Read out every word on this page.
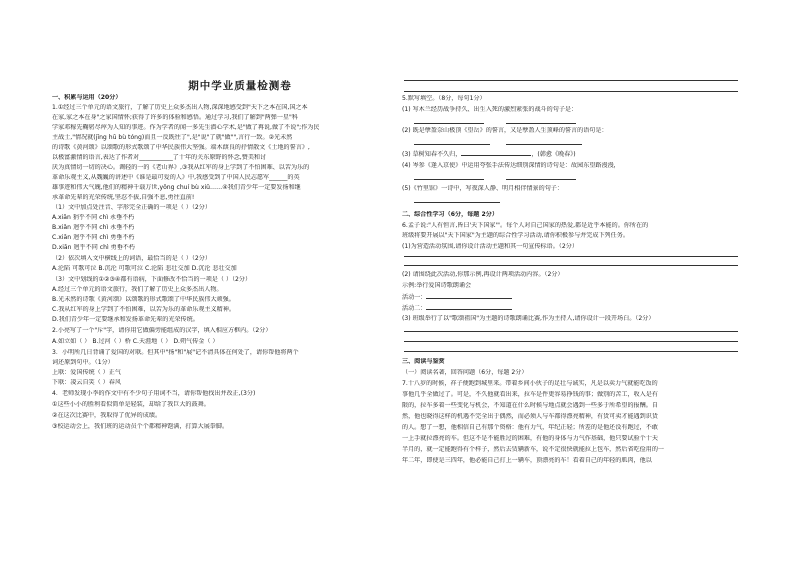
期中学业质量检测卷
一、积累与运用（20分）
1.①经过三个单元的语文旅行，了解了历史上众多杰出人物,深深地感受到"天下之本在国,国之本
在家,家之本在身"之家国情怀;获得了许多的体验和感悟。通过学习,我们了解到"两弹一星"科
学家邓稼先鞠躬尽瘁为人知的事迹。作为学者的闻一多先生潜心学术,是"做了再说,做了不说";作为民
主战士,"情况就(jīng hū bù tóng)而且一反既往了",是"说"了就"做"",言行一致。②光未然
的诗歌《黄河颂》以颂歌的形式歌颂了中华民族伟大坚强。端木蕻良的抒情散文《土地的誓言》,
以极富激情的语言,表达了作者对___________了十年的关东原野的怀念,赞美和讨
厌为真情切一切的决心。调轻的一的《老山界》,③我从红军的身上学到了不怕困难、以苦为乐的
革命乐观主义,从魏巍的讲述中《谁是最可爱的人》中,我感受到了中国人民志愿军______的英
雄事迹和伟大气魄,他们的精神千载万世,yǒng chuí bù xiǔ……④我们青少年一定要发扬和继
承革命先辈的光荣传统,坚忍不拔,自强不息,勇往直前!
（1）文中加点处注音、字形完全正确的一项是（ ）（2分）
A.xiān 狷乎不同 chì 永垂不朽
B.xiǎn 迥乎不同 chì 永垂不朽
C.xiān 迥乎不同 chì 勇垂不朽
D.xiān 迥乎不同 chì 勇垂不朽
（2）依次填入文中横线上的词语，最恰当的是（ ）（2分）
A.沦陷 可歌可泣 B.沉沦 可歌可泣 C.沦陷 悲壮交加 D.沉沦 悲壮交加
（3）文中划线的①②③④都有语病，下面修改不恰当的一项是（ ）（2分）
A.经过三个单元的语文旅行，我们了解了历史上众多杰出人物。
B.光未然的诗歌《黄河颂》以颂歌的形式歌颂了中华民族伟大顽强。
C.我从红军的身上学到了不怕困难，以苦为乐的革命乐观主义精神。
D.我们青少年一定要继承和发扬革命先辈的光荣传统。
2.小亮写了一个"斥"字，请你用它做偏旁能组成的汉字，填入相应方框内。（2分）
A.如立如（ ） B.过河（ ）桥 C.天涯地（ ） D.朔气传金（ ）
3．小明所几日背诵了爱国的对联。但其中"扬"和"展"记不清具体在何处了，请你帮他将两个
词还原到句中。（1分）
上联：爱国传统（ ）正气
下联：凌云自笑（ ）春风
4．老师发现小李的作文中有不少句子用词不当，请你帮他找出并改正,(3分)
①这些小小的胜利看似简单是轻装，却给了我巨大的鼓舞。
②在这次比赛中，我取得了优异的成绩。
③校运动会上，我们班的运动员个个都精神饱满，打算大展拳脚。
5.默写填空。（8分，每句1分）
(1) 写木兰经历战争持久、出生入死的激烈紧张的战斗的句子是：
(2) 既是孽盈奈山极顶《望岳》的誓言，又是孽盈人生顶峰的誓言的语句是：
(3) 草树知春不久归，	，(韩愈《晚春》)
(4) 岑参《逢入京使》中运用夸张手法传达细别深情的诗句是：故园东望路漫漫，
(5)《竹里馆》一诗中，写夜深人静、明月相伴情景的句子：
二、综合性学习（6分，每题 2分）
6.孟子说:"人有恒言,皆曰'天下国家'"。每个人对自己国家的热爱,都是近乎本能的。你所在的
班级将要开展以"天下国家"为主题的综合性学习活动,请你积极参与并完成下列任务。
(1)为营造活动氛围,请你设计活动主题和其一句宣传标语。（2分）
(2) 请围绕此次活动,你那示例,再设计两项活动内容。（2分）
示例:举行爱国诗歌朗诵会
活动一：
活动二：
(3) 班级举行了以"歌颂祖国"为主题的诗歌朗诵比赛,作为主持人,请你设计一段开场白。（2分）
三、阅读与鉴赏
（一）阅读名著，回答问题（6分，每题 2分）
7.十八岁的时候，祥子便跑到城里来。带着乡间小伙子的足壮与诚实，凡是以卖力气就能吃饭的
事他几乎全做过了。可是，不久他就看出来，拉车是件更容易挣钱的事；做别的苦工，收入是有
限的，拉车多着一些变化与机会，不知道在什么时候与地点就会遇到一些多于所希望的报酬。自
然，他也晓得这样的机遇不完全出于偶然，而必须人与车都得漂亮精神，有货可卖才能遇到识货
的人。想了一想，他相信自己有那个资格：他有力气，年纪正轻；所差的是他还没有跑过，不敢
一上手就拉漂亮的车。但这不是不能胜过的困难，有他的身体与力气作基础，他只要试验个十天
半月的，就一定能跑得有个样子，然后去赁辆新车，说不定很快就能拉上包车，然后省吃俭用的一
年二年，即使是三四年，他必能自己打上一辆车，顶漂亮的车！看着自己的年轻的肌肉，他以
